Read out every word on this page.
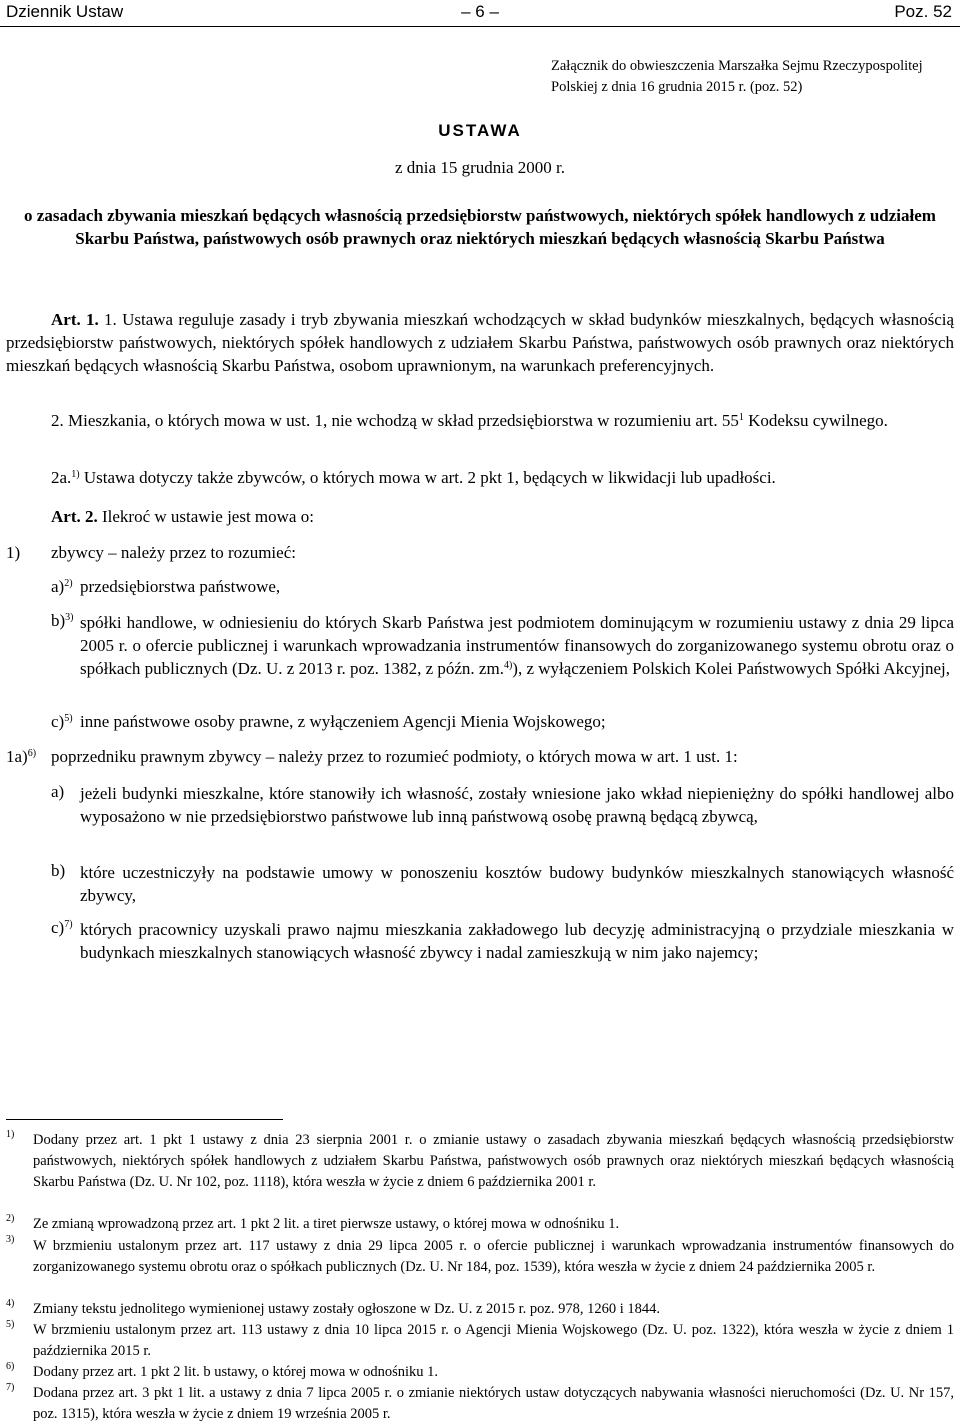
Dziennik Ustaw	– 6 –	Poz. 52
Załącznik do obwieszczenia Marszałka Sejmu Rzeczypospolitej Polskiej z dnia 16 grudnia 2015 r. (poz. 52)
USTAWA
z dnia 15 grudnia 2000 r.
o zasadach zbywania mieszkań będących własnością przedsiębiorstw państwowych, niektórych spółek handlowych z udziałem Skarbu Państwa, państwowych osób prawnych oraz niektórych mieszkań będących własnością Skarbu Państwa
Art. 1. 1. Ustawa reguluje zasady i tryb zbywania mieszkań wchodzących w skład budynków mieszkalnych, będących własnością przedsiębiorstw państwowych, niektórych spółek handlowych z udziałem Skarbu Państwa, państwowych osób prawnych oraz niektórych mieszkań będących własnością Skarbu Państwa, osobom uprawnionym, na warunkach preferencyjnych.
2. Mieszkania, o których mowa w ust. 1, nie wchodzą w skład przedsiębiorstwa w rozumieniu art. $55^1$ Kodeksu cywilnego.
2a.$^{1)}$ Ustawa dotyczy także zbywców, o których mowa w art. 2 pkt 1, będących w likwidacji lub upadłości.
Art. 2. Ilekroć w ustawie jest mowa o:
1) zbywcy – należy przez to rozumieć:
a)$^{2)}$ przedsiębiorstwa państwowe,
b)$^{3)}$ spółki handlowe, w odniesieniu do których Skarb Państwa jest podmiotem dominującym w rozumieniu ustawy z dnia 29 lipca 2005 r. o ofercie publicznej i warunkach wprowadzania instrumentów finansowych do zorganizowanego systemu obrotu oraz o spółkach publicznych (Dz. U. z 2013 r. poz. 1382, z późn. zm.$^{4)}$), z wyłączeniem Polskich Kolei Państwowych Spółki Akcyjnej,
c)$^{5)}$ inne państwowe osoby prawne, z wyłączeniem Agencji Mienia Wojskowego;
1a)$^{6)}$ poprzedniku prawnym zbywcy – należy przez to rozumieć podmioty, o których mowa w art. 1 ust. 1:
a) jeżeli budynki mieszkalne, które stanowiły ich własność, zostały wniesione jako wkład niepieniężny do spółki handlowej albo wyposażono w nie przedsiębiorstwo państwowe lub inną państwową osobę prawną będącą zbywcą,
b) które uczestniczyły na podstawie umowy w ponoszeniu kosztów budowy budynków mieszkalnych stanowiących własność zbywcy,
c)$^{7)}$ których pracownicy uzyskali prawo najmu mieszkania zakładowego lub decyzję administracyjną o przydziale mieszkania w budynkach mieszkalnych stanowiących własność zbywcy i nadal zamieszkują w nim jako najemcy;
1) Dodany przez art. 1 pkt 1 ustawy z dnia 23 sierpnia 2001 r. o zmianie ustawy o zasadach zbywania mieszkań będących własnością przedsiębiorstw państwowych, niektórych spółek handlowych z udziałem Skarbu Państwa, państwowych osób prawnych oraz niektórych mieszkań będących własnością Skarbu Państwa (Dz. U. Nr 102, poz. 1118), która weszła w życie z dniem 6 października 2001 r.
2) Ze zmianą wprowadzoną przez art. 1 pkt 2 lit. a tiret pierwsze ustawy, o której mowa w odnośniku 1.
3) W brzmieniu ustalonym przez art. 117 ustawy z dnia 29 lipca 2005 r. o ofercie publicznej i warunkach wprowadzania instrumentów finansowych do zorganizowanego systemu obrotu oraz o spółkach publicznych (Dz. U. Nr 184, poz. 1539), która weszła w życie z dniem 24 października 2005 r.
4) Zmiany tekstu jednolitego wymienionej ustawy zostały ogłoszone w Dz. U. z 2015 r. poz. 978, 1260 i 1844.
5) W brzmieniu ustalonym przez art. 113 ustawy z dnia 10 lipca 2015 r. o Agencji Mienia Wojskowego (Dz. U. poz. 1322), która weszła w życie z dniem 1 października 2015 r.
6) Dodany przez art. 1 pkt 2 lit. b ustawy, o której mowa w odnośniku 1.
7) Dodana przez art. 3 pkt 1 lit. a ustawy z dnia 7 lipca 2005 r. o zmianie niektórych ustaw dotyczących nabywania własności nieruchomości (Dz. U. Nr 157, poz. 1315), która weszła w życie z dniem 19 września 2005 r.
